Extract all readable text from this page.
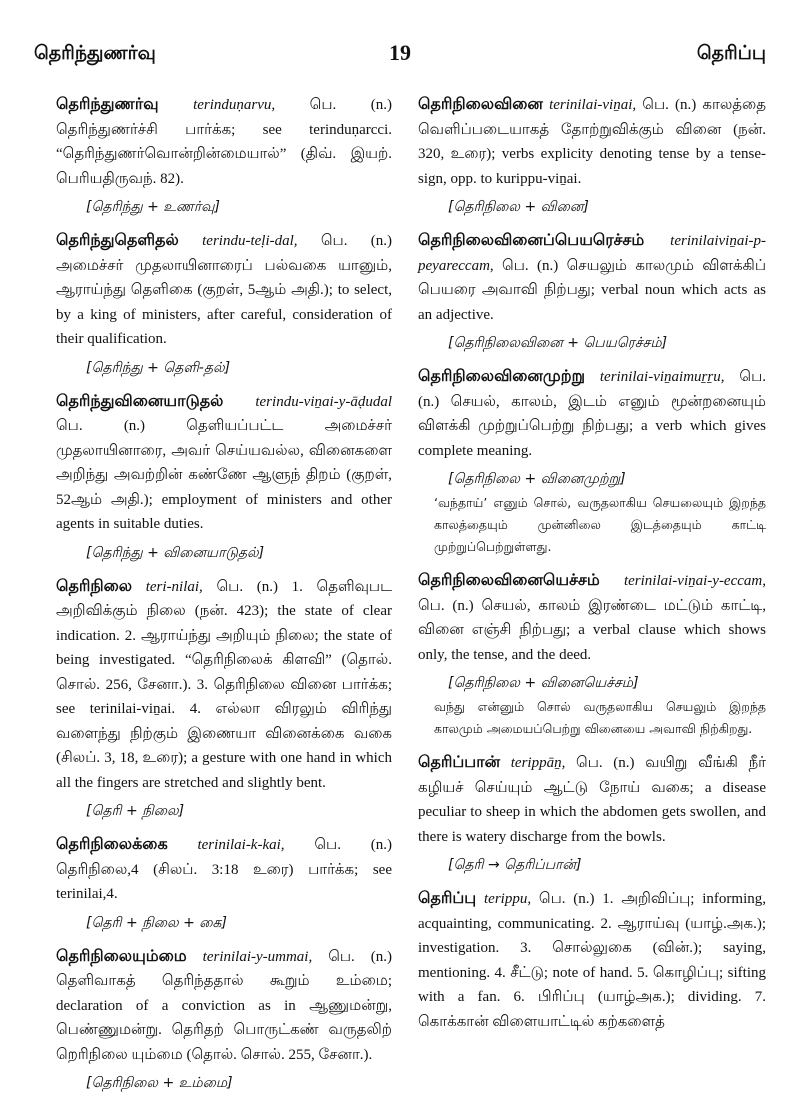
தெரிந்துணர்வு	19	தெரிப்பு

தெரிந்துணர்வு terinduṇarvu, பெ. (n.) தெரிந்துணர்ச்சி பார்க்க; see terinduṇarcci. “தெரிந்துணர்வொன்றின்மையால்” (திவ். இயற். பெரியதிருவந். 82).

[தெரிந்து + உணர்வு]

தெரிந்துதெளிதல் terindu-teḷi-dal, பெ. (n.) அமைச்சர் முதலாயினாரைப் பல்வகை யானும், ஆராய்ந்து தெளிகை (குறள், 5ஆம் அதி.); to select, by a king of ministers, after careful, consideration of their qualification.

[தெரிந்து + தெளி-தல்]

தெரிந்துவினையாடுதல் terindu-viṉai-y-āḍudal பெ. (n.) தெளியப்பட்ட அமைச்சர் முதலாயினாரை, அவர் செய்யவல்ல, வினைகளை அறிந்து அவற்றின் கண்ணே ஆளுந் திறம் (குறள், 52ஆம் அதி.); employment of ministers and other agents in suitable duties.

[தெரிந்து + வினையாடுதல்]

தெரிநிலை teri-nilai, பெ. (n.) 1. தெளிவுபட அறிவிக்கும் நிலை (நன். 423); the state of clear indication. 2. ஆராய்ந்து அறியும் நிலை; the state of being investigated. “தெரிநிலைக் கிளவி” (தொல். சொல். 256, சேனா.). 3. தெரிநிலை வினை பார்க்க; see terinilai-viṉai. 4. எல்லா விரலும் விரிந்து வளைந்து நிற்கும் இணையா வினைக்கை வகை (சிலப். 3, 18, உரை); a gesture with one hand in which all the fingers are stretched and slightly bent.

[தெரி + நிலை]

தெரிநிலைக்கை terinilai-k-kai, பெ. (n.) தெரிநிலை,4 (சிலப். 3:18 உரை) பார்க்க; see terinilai,4.

[தெரி + நிலை + கை]

தெரிநிலையும்மை terinilai-y-ummai, பெ. (n.) தெளிவாகத் தெரிந்ததால் கூறும் உம்மை; declaration of a conviction as in ஆணுமன்று, பெண்ணுமன்று. தெரிதற் பொருட்கண் வருதலிற் றெரிநிலை யும்மை (தொல். சொல். 255, சேனா.).

[தெரிநிலை + உம்மை]

தெரிநிலைவினை terinilai-viṉai, பெ. (n.) காலத்தை வெளிப்படையாகத் தோற்றுவிக்கும் வினை (நன். 320, உரை); verbs explicity denoting tense by a tense-sign, opp. to kurippu-viṉai.

[தெரிநிலை + வினை]

தெரிநிலைவினைப்பெயரெச்சம் terinilaiviṉai-p-peyareccam, பெ. (n.) செயலும் காலமும் விளக்கிப் பெயரை அவாவி நிற்பது; verbal noun which acts as an adjective.

[தெரிநிலைவினை + பெயரெச்சம்]

தெரிநிலைவினைமுற்று terinilai-viṉaimuṟṟu, பெ. (n.) செயல், காலம், இடம் எனும் மூன்றனையும் விளக்கி முற்றுப்பெற்று நிற்பது; a verb which gives complete meaning.

[தெரிநிலை + வினைமுற்று]

‘வந்தாய்’ எனும் சொல், வருதலாகிய செயலையும் இறந்த காலத்தையும் முன்னிலை இடத்தையும் காட்டி முற்றுப்பெற்றுள்ளது.

தெரிநிலைவினையெச்சம் terinilai-viṉai-y-eccam, பெ. (n.) செயல், காலம் இரண்டை மட்டும் காட்டி, வினை எஞ்சி நிற்பது; a verbal clause which shows only, the tense, and the deed.

[தெரிநிலை + வினையெச்சம்]

வந்து என்னும் சொல் வருதலாகிய செயலும் இறந்த காலமும் அமையப்பெற்று வினையை அவாவி நிற்கிறது.

தெரிப்பான் terippāṉ, பெ. (n.) வயிறு வீங்கி நீர் கழியச் செய்யும் ஆட்டு நோய் வகை; a disease peculiar to sheep in which the abdomen gets swollen, and there is watery discharge from the bowls.

[தெரி → தெரிப்பான்]

தெரிப்பு terippu, பெ. (n.) 1. அறிவிப்பு; informing, acquainting, communicating. 2. ஆராய்வு (யாழ்.அக.); investigation. 3. சொல்லுகை (வின்.); saying, mentioning. 4. சீட்டு; note of hand. 5. கொழிப்பு; sifting with a fan. 6. பிரிப்பு (யாழ்அக.); dividing. 7. கொக்கான் விளையாட்டில் கற்களைத்
